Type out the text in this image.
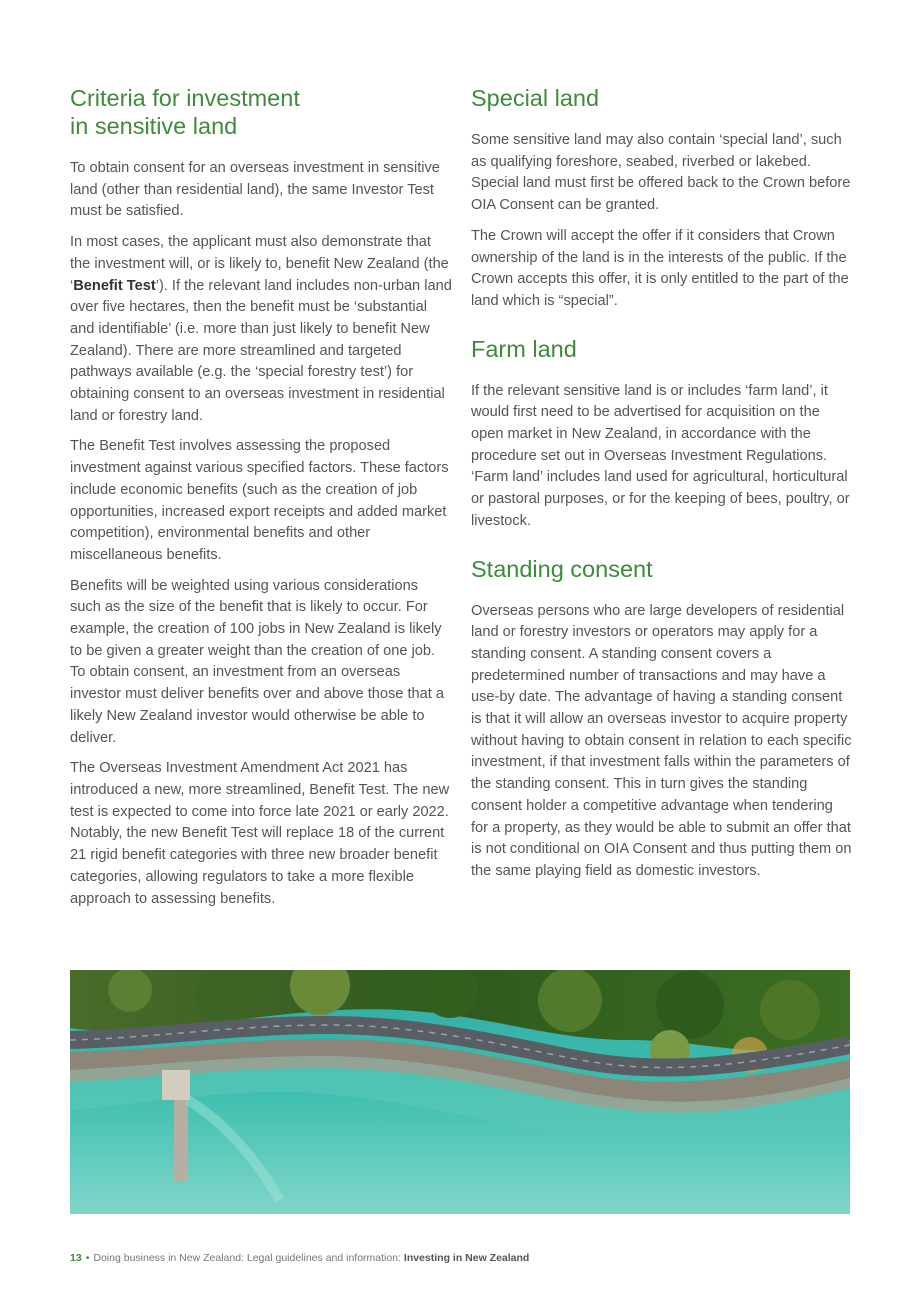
Criteria for investment
in sensitive land

To obtain consent for an overseas investment in sensitive land (other than residential land), the same Investor Test must be satisfied.

In most cases, the applicant must also demonstrate that the investment will, or is likely to, benefit New Zealand (the ‘Benefit Test’). If the relevant land includes non-urban land over five hectares, then the benefit must be ‘substantial and identifiable’ (i.e. more than just likely to benefit New Zealand). There are more streamlined and targeted pathways available (e.g. the ‘special forestry test’) for obtaining consent to an overseas investment in residential land or forestry land.

The Benefit Test involves assessing the proposed investment against various specified factors. These factors include economic benefits (such as the creation of job opportunities, increased export receipts and added market competition), environmental benefits and other miscellaneous benefits.

Benefits will be weighted using various considerations such as the size of the benefit that is likely to occur. For example, the creation of 100 jobs in New Zealand is likely to be given a greater weight than the creation of one job. To obtain consent, an investment from an overseas investor must deliver benefits over and above those that a likely New Zealand investor would otherwise be able to deliver.

The Overseas Investment Amendment Act 2021 has introduced a new, more streamlined, Benefit Test. The new test is expected to come into force late 2021 or early 2022. Notably, the new Benefit Test will replace 18 of the current 21 rigid benefit categories with three new broader benefit categories, allowing regulators to take a more flexible approach to assessing benefits.

Special land

Some sensitive land may also contain ‘special land’, such as qualifying foreshore, seabed, riverbed or lakebed. Special land must first be offered back to the Crown before OIA Consent can be granted.

The Crown will accept the offer if it considers that Crown ownership of the land is in the interests of the public. If the Crown accepts this offer, it is only entitled to the part of the land which is “special”.

Farm land

If the relevant sensitive land is or includes ‘farm land’, it would first need to be advertised for acquisition on the open market in New Zealand, in accordance with the procedure set out in Overseas Investment Regulations. ‘Farm land’ includes land used for agricultural, horticultural or pastoral purposes, or for the keeping of bees, poultry, or livestock.

Standing consent

Overseas persons who are large developers of residential land or forestry investors or operators may apply for a standing consent. A standing consent covers a predetermined number of transactions and may have a use-by date. The advantage of having a standing consent is that it will allow an overseas investor to acquire property without having to obtain consent in relation to each specific investment, if that investment falls within the parameters of the standing consent. This in turn gives the standing consent holder a competitive advantage when tendering for a property, as they would be able to submit an offer that is not conditional on OIA Consent and thus putting them on the same playing field as domestic investors.

13 • Doing business in New Zealand: Legal guidelines and information: Investing in New Zealand
